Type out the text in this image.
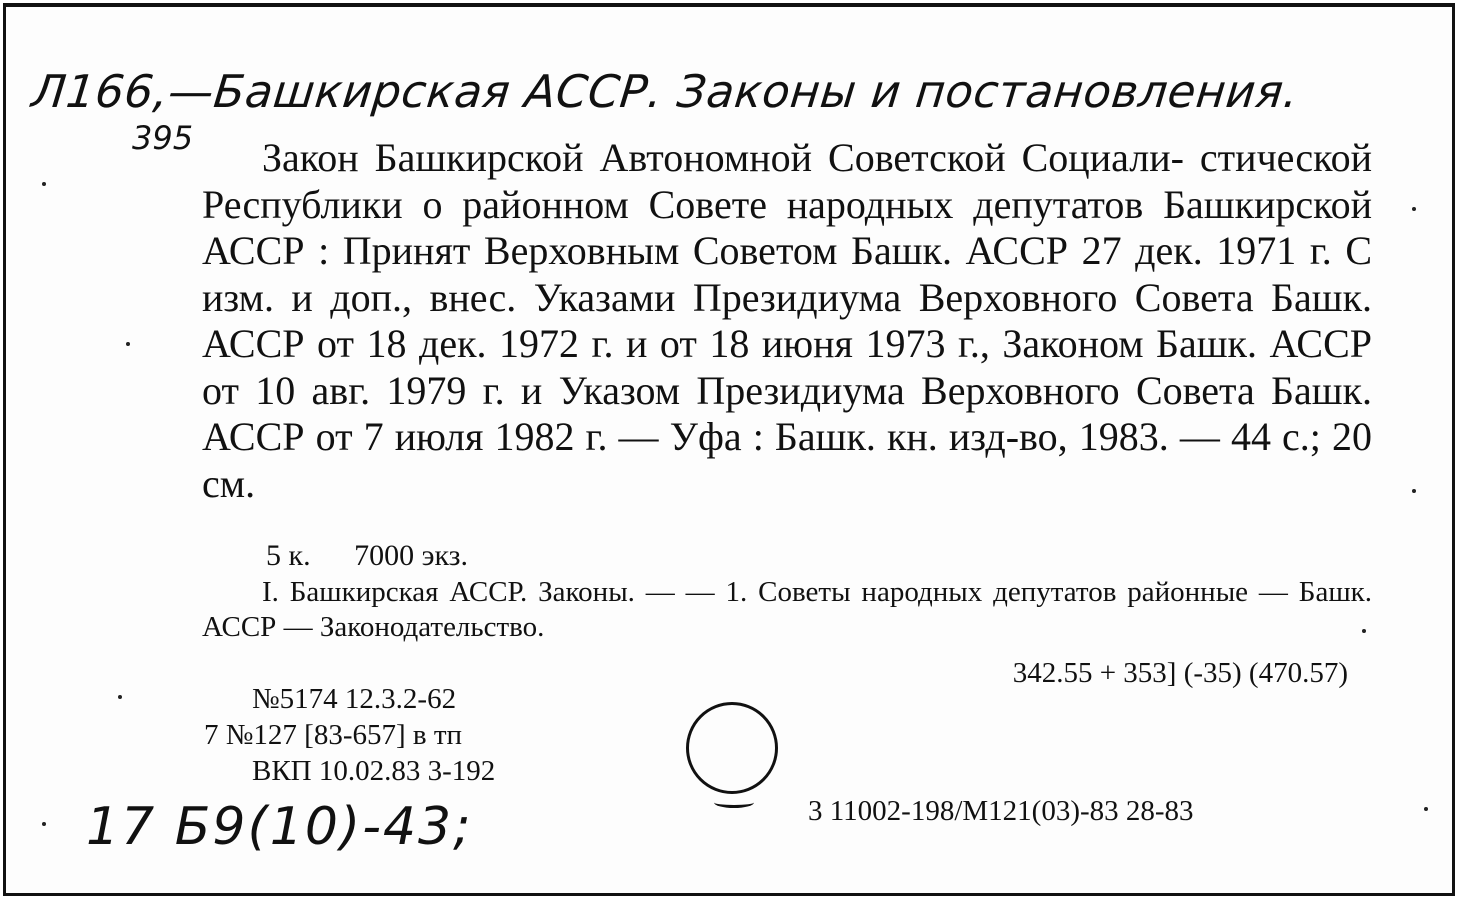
Л166,—Башкирская АССР. Законы и постановления.
395	Закон Башкирской Автономной Советской Социали- стической Республики о районном Совете народных депутатов Башкирской АССР : Принят Верховным Советом Башк. АССР 27 дек. 1971 г. С изм. и доп., внес. Указами Президиума Верховного Совета Башк. АССР от 18 дек. 1972 г. и от 18 июня 1973 г., Законом Башк. АССР от 10 авг. 1979 г. и Указом Президиума Верховного Совета Башк. АССР от 7 июля 1982 г. — Уфа : Башк. кн. изд-во, 1983. — 44 с.; 20 см.

5 к. 7000 экз.
I. Башкирская АССР. Законы. — — 1. Советы народных депутатов районные — Башк. АССР — Законодательство.
342.55 + 353] (-35) (470.57)
№5174 12.3.2-62
7 №127 [83-657] в тп
ВКП 10.02.83 3-192
3 11002-198/М121(03)-83 28-83
17 Б9(10)-43;
